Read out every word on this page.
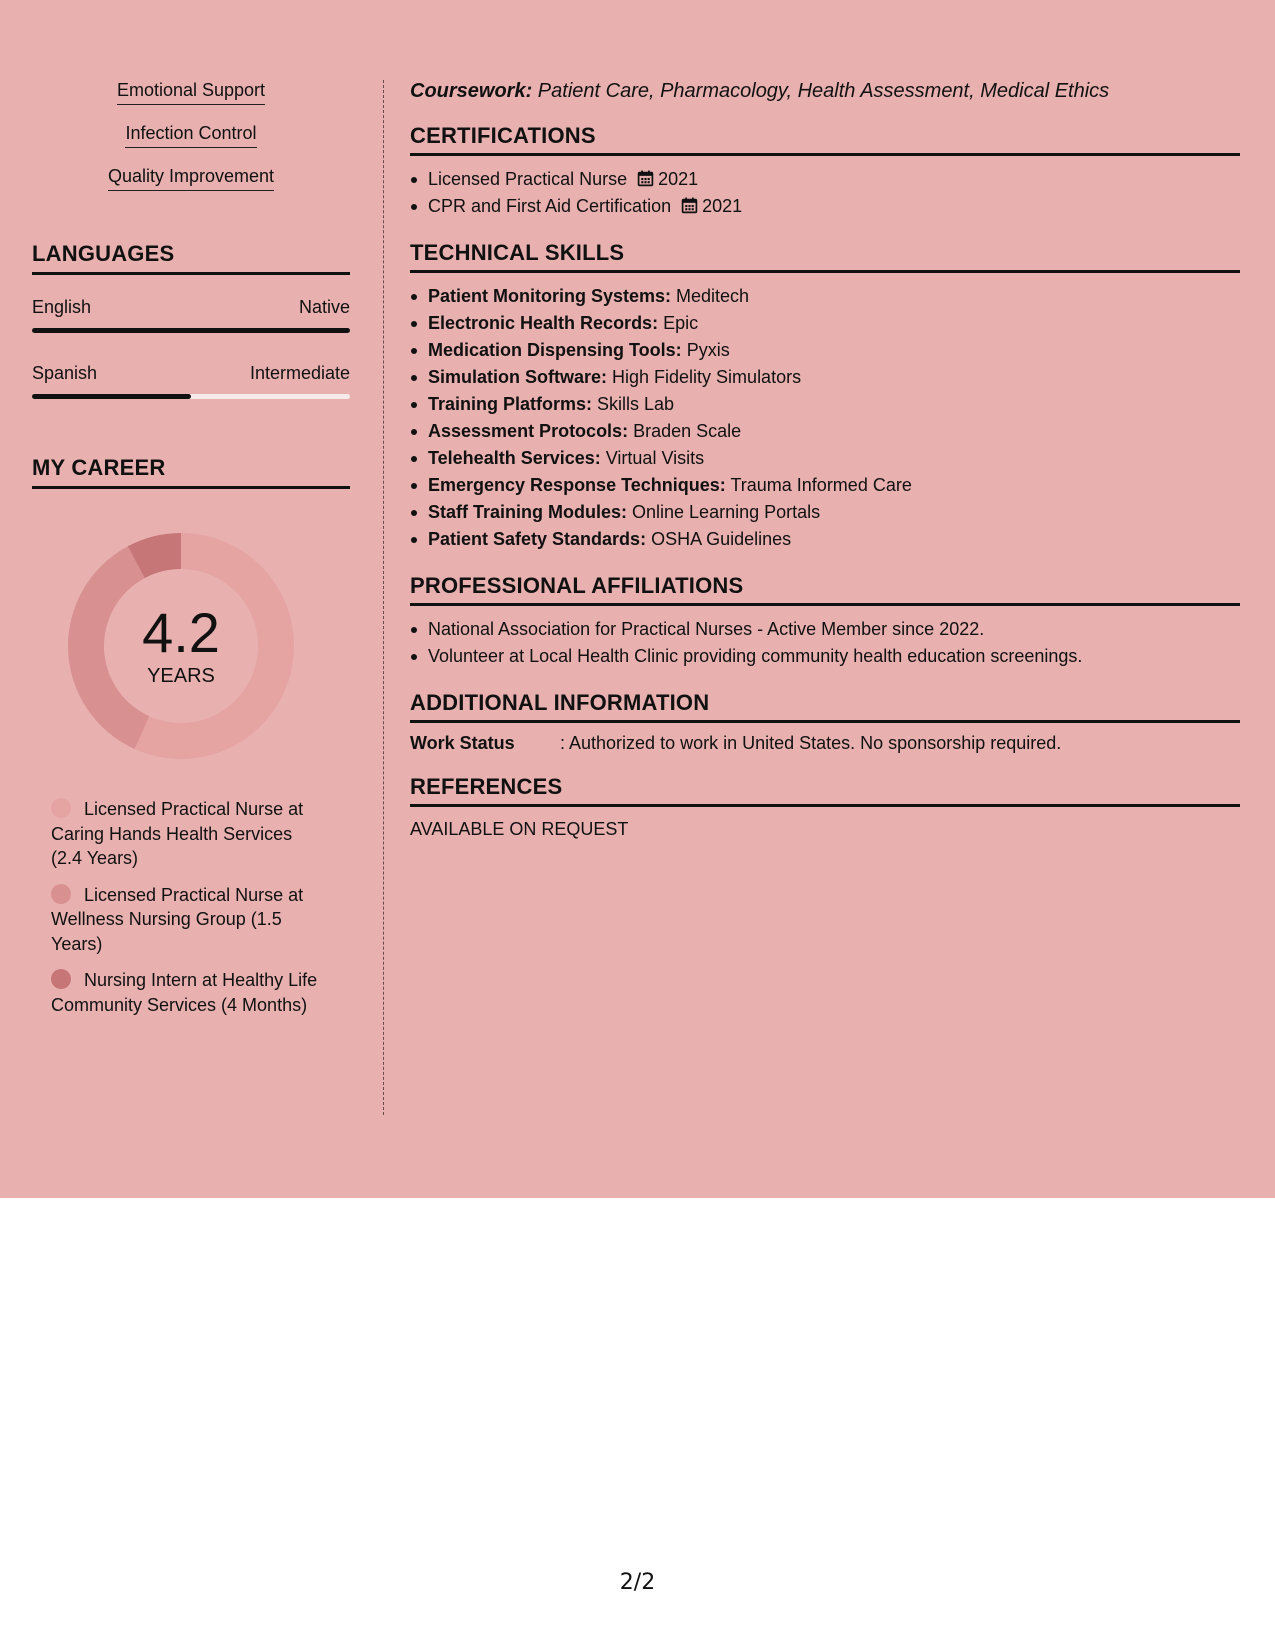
Emotional Support
Infection Control
Quality Improvement
LANGUAGES
English	Native
Spanish	Intermediate
MY CAREER
4.2
YEARS
Licensed Practical Nurse at Caring Hands Health Services (2.4 Years)
Licensed Practical Nurse at Wellness Nursing Group (1.5 Years)
Nursing Intern at Healthy Life Community Services (4 Months)
Coursework: Patient Care, Pharmacology, Health Assessment, Medical Ethics
CERTIFICATIONS
Licensed Practical Nurse 2021
CPR and First Aid Certification 2021
TECHNICAL SKILLS
Patient Monitoring Systems: Meditech
Electronic Health Records: Epic
Medication Dispensing Tools: Pyxis
Simulation Software: High Fidelity Simulators
Training Platforms: Skills Lab
Assessment Protocols: Braden Scale
Telehealth Services: Virtual Visits
Emergency Response Techniques: Trauma Informed Care
Staff Training Modules: Online Learning Portals
Patient Safety Standards: OSHA Guidelines
PROFESSIONAL AFFILIATIONS
National Association for Practical Nurses - Active Member since 2022.
Volunteer at Local Health Clinic providing community health education screenings.
ADDITIONAL INFORMATION
Work Status	: Authorized to work in United States. No sponsorship required.
REFERENCES
AVAILABLE ON REQUEST
2/2
